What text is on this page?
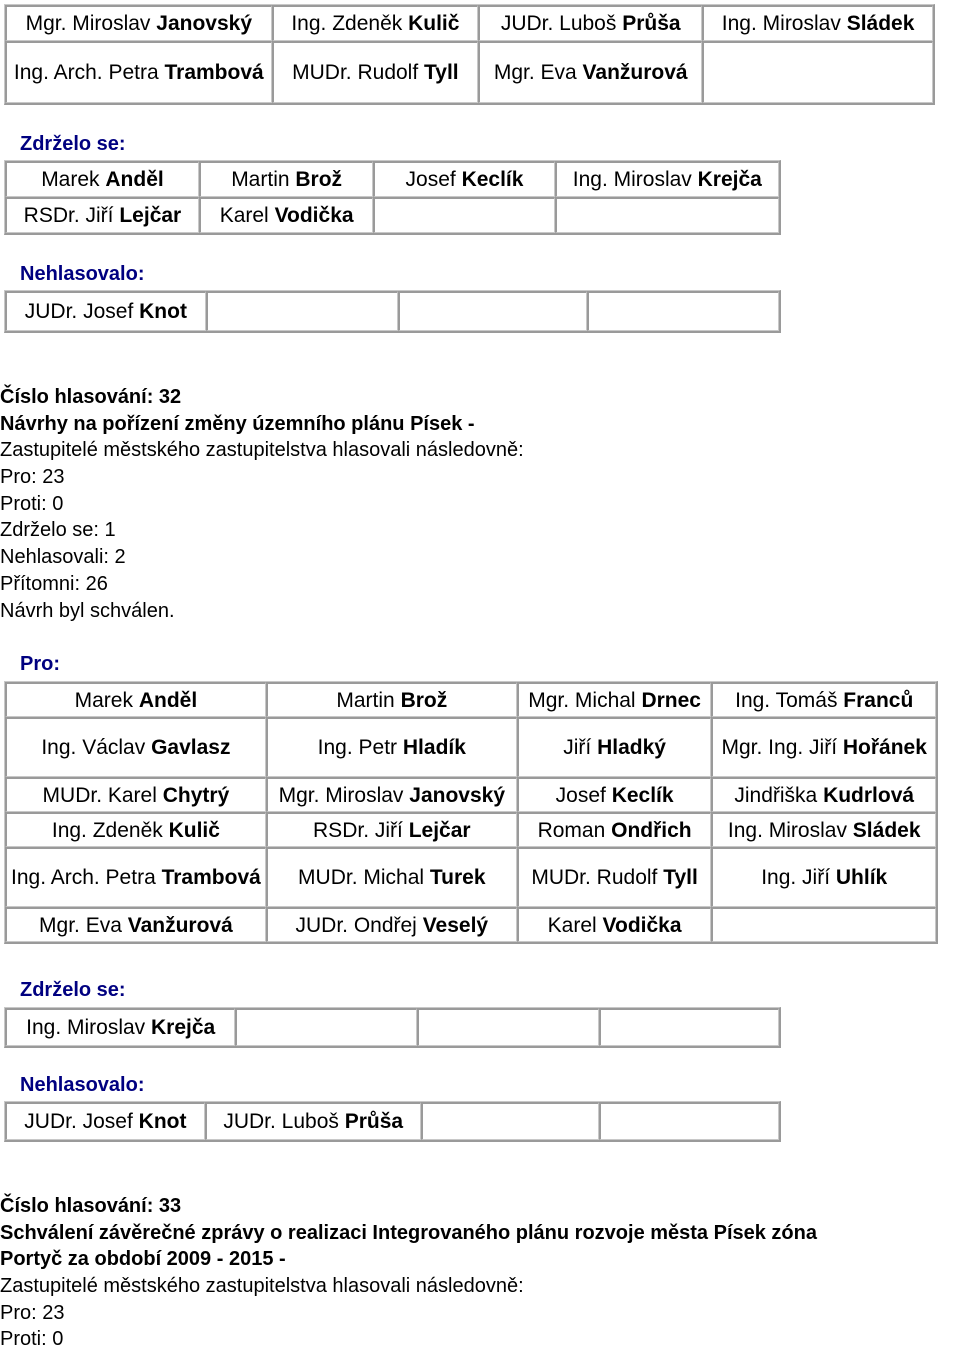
Mgr. Miroslav Janovský	Ing. Zdeněk Kulič	JUDr. Luboš Průša	Ing. Miroslav Sládek
Ing. Arch. Petra Trambová	MUDr. Rudolf Tyll	Mgr. Eva Vanžurová	
Zdrželo se:
Marek Anděl	Martin Brož	Josef Keclík	Ing. Miroslav Krejča
RSDr. Jiří Lejčar	Karel Vodička		
Nehlasovalo:
JUDr. Josef Knot			
Číslo hlasování: 32
Návrhy na pořízení změny územního plánu Písek -
Zastupitelé městského zastupitelstva hlasovali následovně:
Pro: 23
Proti: 0
Zdrželo se: 1
Nehlasovali: 2
Přítomni: 26
Návrh byl schválen.
Pro:
Marek Anděl	Martin Brož	Mgr. Michal Drnec	Ing. Tomáš Franců
Ing. Václav Gavlasz	Ing. Petr Hladík	Jiří Hladký	Mgr. Ing. Jiří Hořánek
MUDr. Karel Chytrý	Mgr. Miroslav Janovský	Josef Keclík	Jindřiška Kudrlová
Ing. Zdeněk Kulič	RSDr. Jiří Lejčar	Roman Ondřich	Ing. Miroslav Sládek
Ing. Arch. Petra Trambová	MUDr. Michal Turek	MUDr. Rudolf Tyll	Ing. Jiří Uhlík
Mgr. Eva Vanžurová	JUDr. Ondřej Veselý	Karel Vodička	
Zdrželo se:
Ing. Miroslav Krejča			
Nehlasovalo:
JUDr. Josef Knot	JUDr. Luboš Průša		
Číslo hlasování: 33
Schválení závěrečné zprávy o realizaci Integrovaného plánu rozvoje města Písek zóna
Portyč za období 2009 - 2015 -
Zastupitelé městského zastupitelstva hlasovali následovně:
Pro: 23
Proti: 0
